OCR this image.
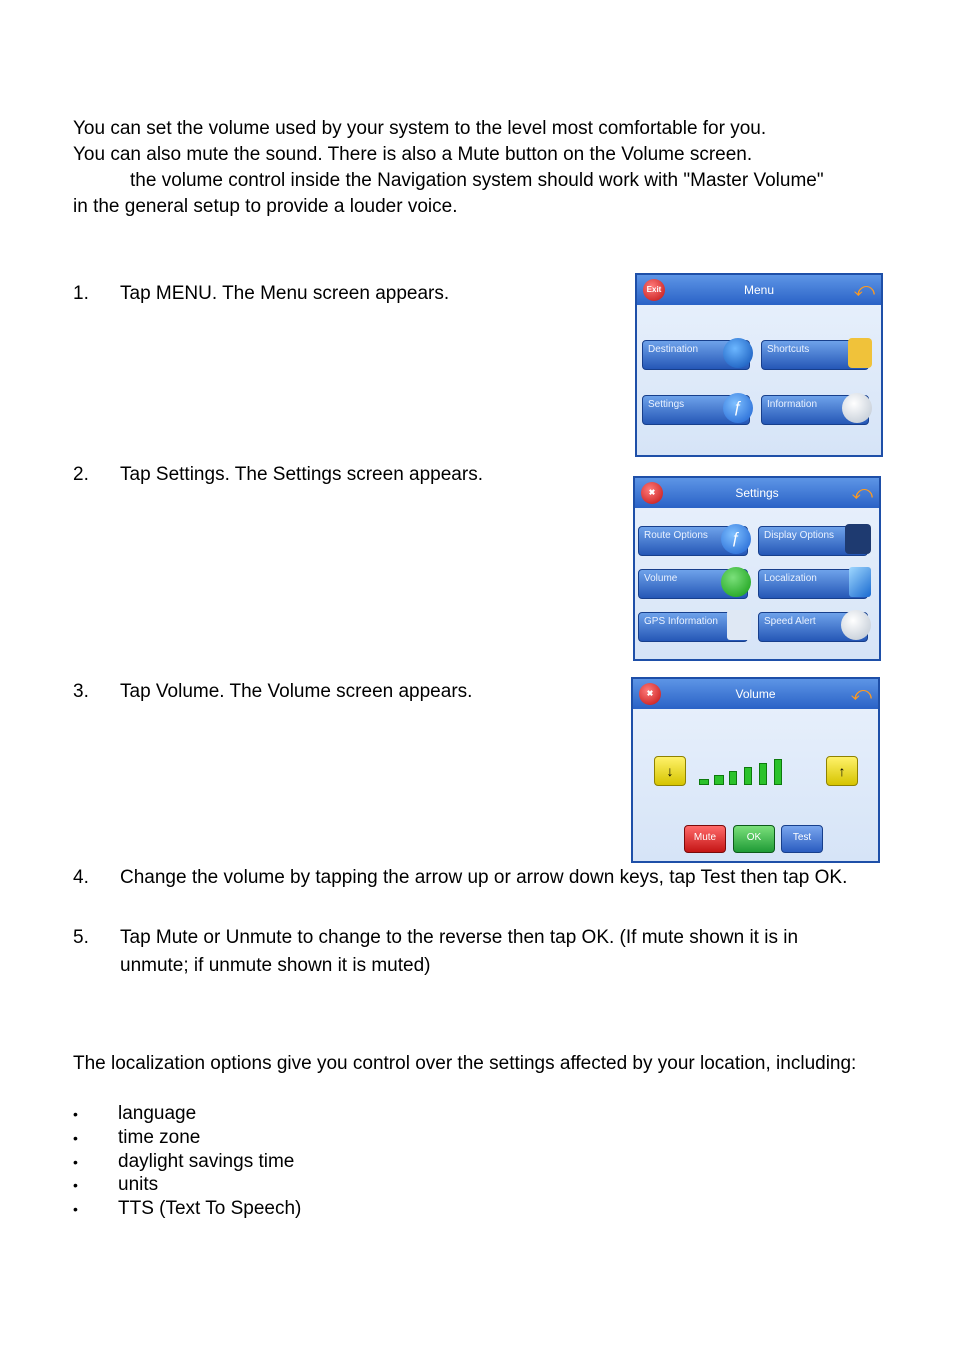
You can set the volume used by your system to the level most comfortable for you.
You can also mute the sound. There is also a Mute button on the Volume screen.
the volume control inside the Navigation system should work with "Master Volume"
in the general setup to provide a louder voice.
1. Tap MENU. The Menu screen appears.
2. Tap Settings. The Settings screen appears.
3. Tap Volume. The Volume screen appears.
4. Change the volume by tapping the arrow up or arrow down keys, tap Test then tap OK.
5. Tap Mute or Unmute to change to the reverse then tap OK. (If mute shown it is in unmute; if unmute shown it is muted)
The localization options give you control over the settings affected by your location, including:
• language
• time zone
• daylight savings time
• units
• TTS (Text To Speech)
Exit	Menu	⤺
Destination	Shortcuts
Settings	ƒ	Information
✖	Settings	⤺
Route Options	ƒ	Display Options
Volume	Localization
GPS Information	Speed Alert
✖	Volume	⤺
↓	↑
Mute	OK	Test
